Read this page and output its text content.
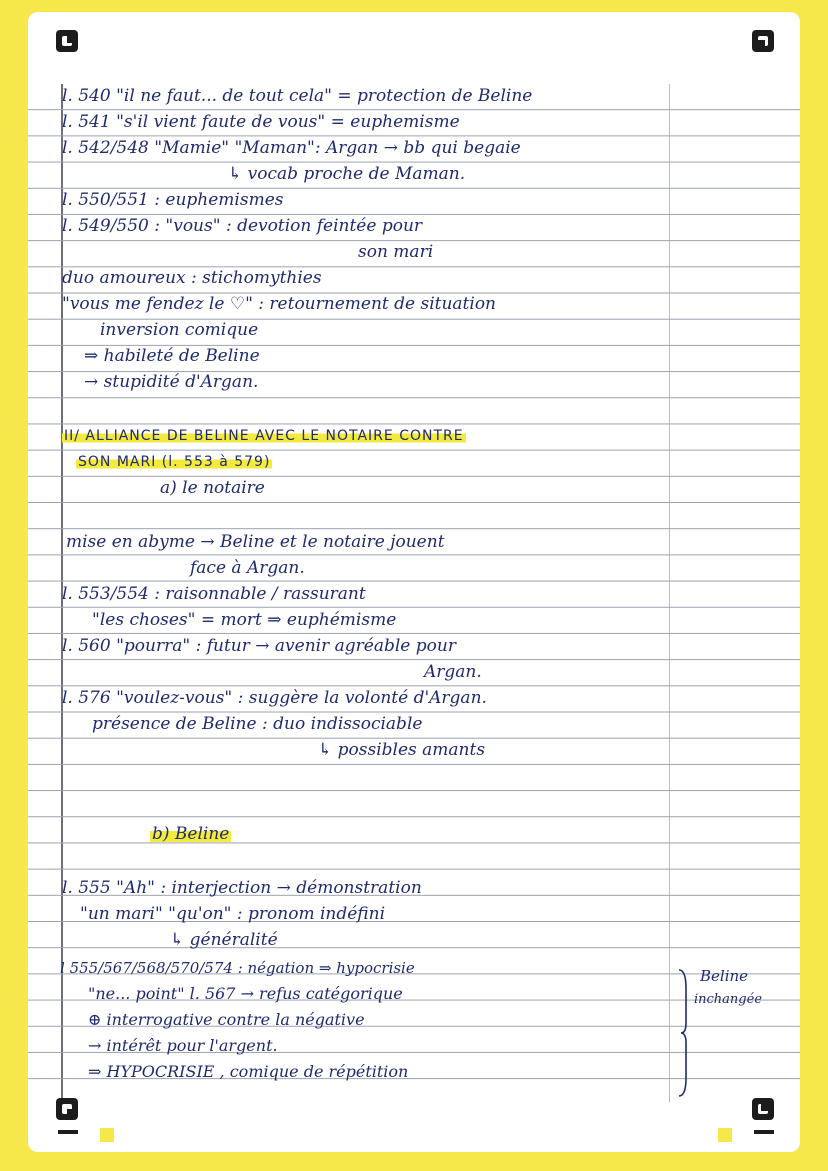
l. 540 "il ne faut... de tout cela" = protection de Beline
l. 541 "s'il vient faute de vous" = euphemisme
l. 542/548 "Mamie" "Maman": Argan → bb qui begaie
↳ vocab proche de Maman.
l. 550/551 : euphemismes
l. 549/550 : "vous" : devotion feintée pour
son mari
duo amoureux : stichomythies
"vous me fendez le ♡" : retournement de situation
inversion comique
⇒ habileté de Beline
→ stupidité d'Argan.
II/ ALLIANCE DE BELINE AVEC LE NOTAIRE CONTRE
SON MARI (l. 553 à 579)
a) le notaire
mise en abyme → Beline et le notaire jouent
face à Argan.
l. 553/554 : raisonnable / rassurant
"les choses" = mort ⇒ euphémisme
l. 560 "pourra" : futur → avenir agréable pour
Argan.
l. 576 "voulez-vous" : suggère la volonté d'Argan.
présence de Beline : duo indissociable
↳ possibles amants
b) Beline
l. 555 "Ah" : interjection → démonstration
"un mari" "qu'on" : pronom indéfini
↳ généralité
l 555/567/568/570/574 : négation ⇒ hypocrisie
"ne... point" l. 567 → refus catégorique
⊕ interrogative contre la négative
→ intérêt pour l'argent.
⇒ HYPOCRISIE , comique de répétition
Beline
inchangée
